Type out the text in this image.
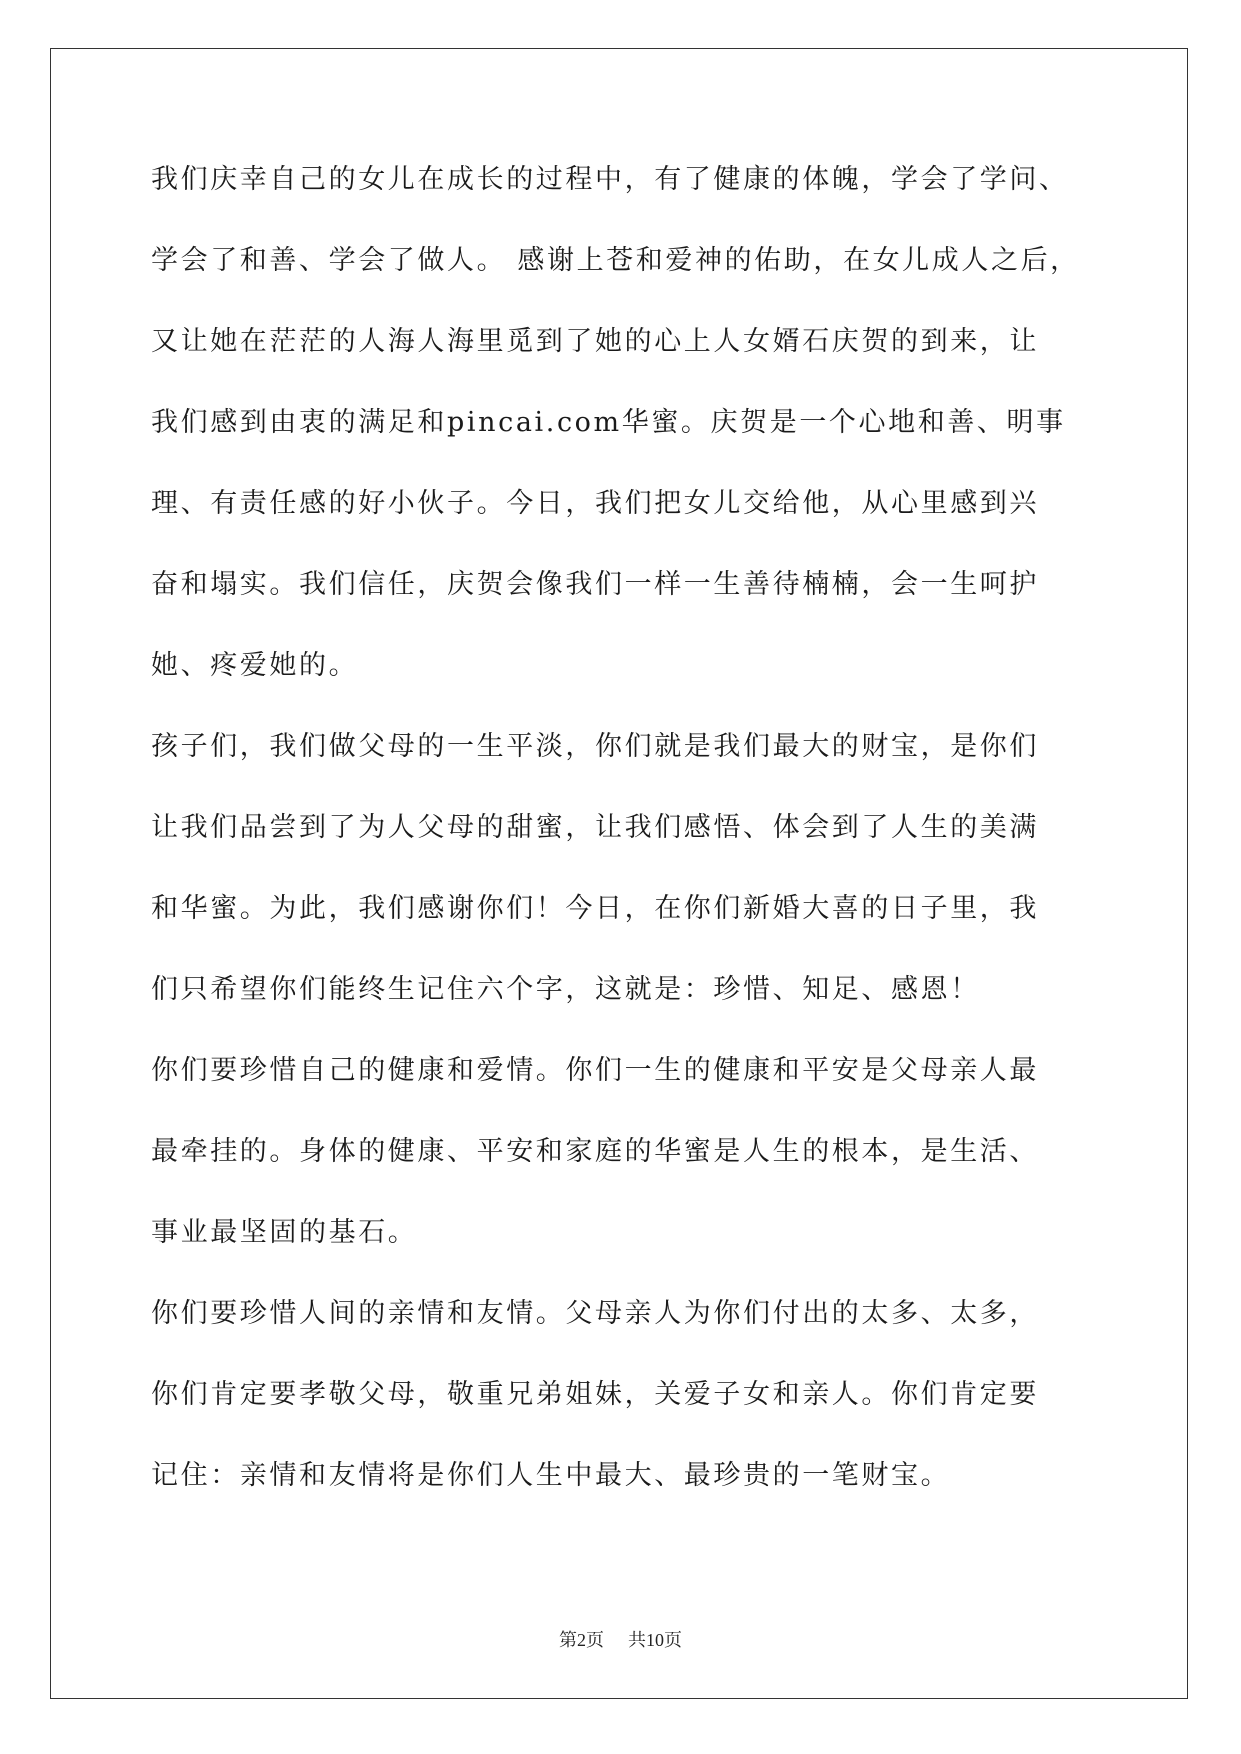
我们庆幸自己的女儿在成长的过程中，有了健康的体魄，学会了学问、
学会了和善、学会了做人。 感谢上苍和爱神的佑助，在女儿成人之后，
又让她在茫茫的人海人海里觅到了她的心上人女婿石庆贺的到来，让
我们感到由衷的满足和pincai.com华蜜。庆贺是一个心地和善、明事
理、有责任感的好小伙子。今日，我们把女儿交给他，从心里感到兴
奋和塌实。我们信任，庆贺会像我们一样一生善待楠楠，会一生呵护
她、疼爱她的。
孩子们，我们做父母的一生平淡，你们就是我们最大的财宝，是你们
让我们品尝到了为人父母的甜蜜，让我们感悟、体会到了人生的美满
和华蜜。为此，我们感谢你们！今日，在你们新婚大喜的日子里，我
们只希望你们能终生记住六个字，这就是：珍惜、知足、感恩！
你们要珍惜自己的健康和爱情。你们一生的健康和平安是父母亲人最
最牵挂的。身体的健康、平安和家庭的华蜜是人生的根本，是生活、
事业最坚固的基石。
你们要珍惜人间的亲情和友情。父母亲人为你们付出的太多、太多，
你们肯定要孝敬父母，敬重兄弟姐妹，关爱子女和亲人。你们肯定要
记住：亲情和友情将是你们人生中最大、最珍贵的一笔财宝。
第2页 共10页
